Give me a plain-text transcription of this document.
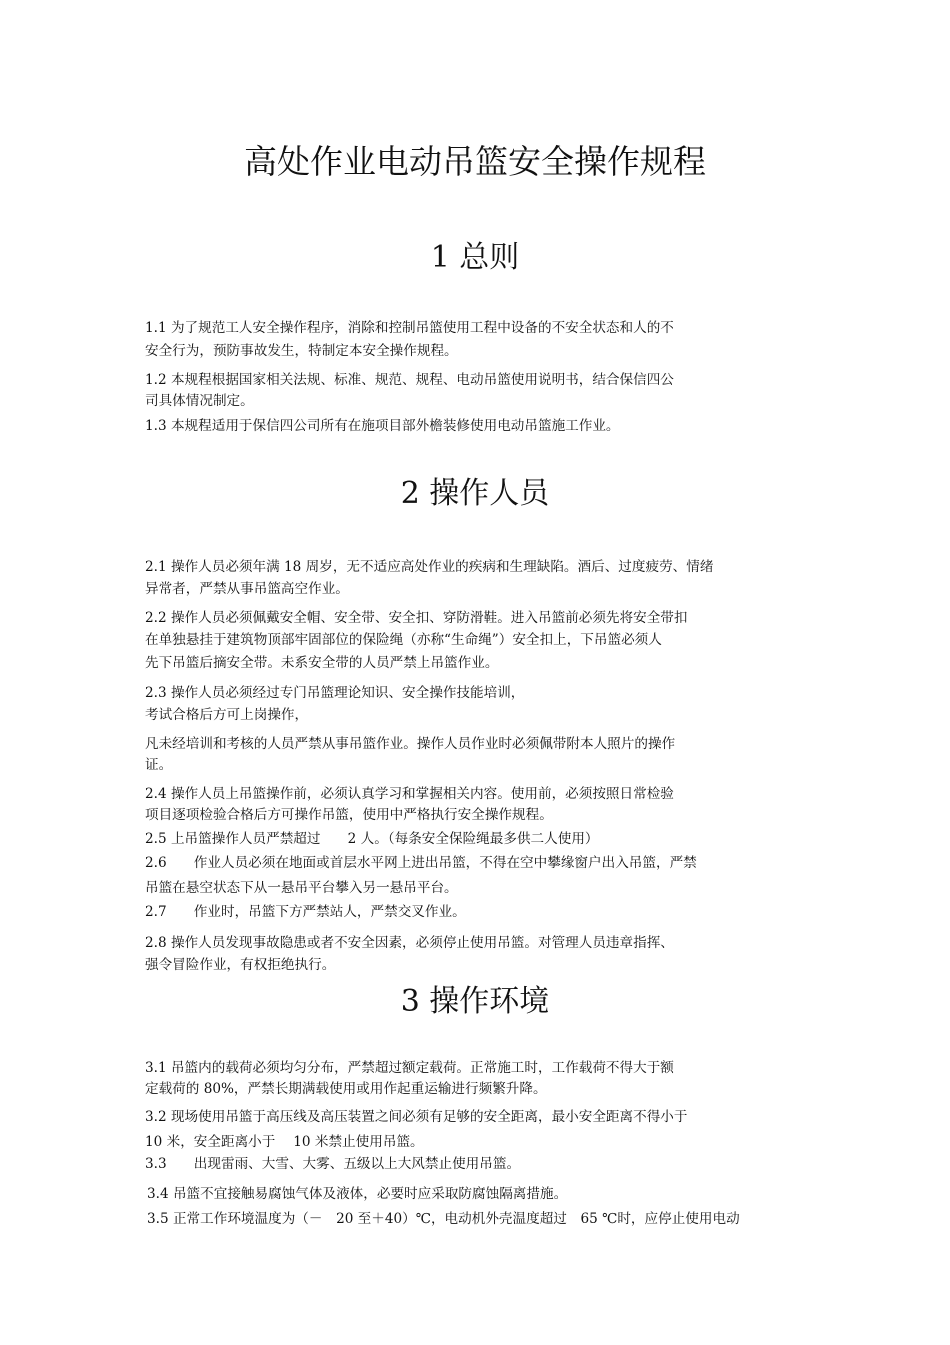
高处作业电动吊篮安全操作规程
1 总则
1.1 为了规范工人安全操作程序，消除和控制吊篮使用工程中设备的不安全状态和人的不
安全行为，预防事故发生，特制定本安全操作规程。
1.2 本规程根据国家相关法规、标准、规范、规程、电动吊篮使用说明书，结合保信四公
司具体情况制定。
1.3 本规程适用于保信四公司所有在施项目部外檐装修使用电动吊篮施工作业。
2 操作人员
2.1 操作人员必须年满 18 周岁，无不适应高处作业的疾病和生理缺陷。酒后、过度疲劳、情绪
异常者，严禁从事吊篮高空作业。
2.2 操作人员必须佩戴安全帽、安全带、安全扣、穿防滑鞋。进入吊篮前必须先将安全带扣
在单独悬挂于建筑物顶部牢固部位的保险绳（亦称“生命绳”）安全扣上，下吊篮必须人
先下吊篮后摘安全带。未系安全带的人员严禁上吊篮作业。
2.3 操作人员必须经过专门吊篮理论知识、安全操作技能培训，
考试合格后方可上岗操作，
凡未经培训和考核的人员严禁从事吊篮作业。操作人员作业时必须佩带附本人照片的操作
证。
2.4 操作人员上吊篮操作前，必须认真学习和掌握相关内容。使用前，必须按照日常检验
项目逐项检验合格后方可操作吊篮，使用中严格执行安全操作规程。
2.5 上吊篮操作人员严禁超过　　2 人。（每条安全保险绳最多供二人使用）
2.6　　作业人员必须在地面或首层水平网上进出吊篮，不得在空中攀缘窗户出入吊篮，严禁
吊篮在悬空状态下从一悬吊平台攀入另一悬吊平台。
2.7　　作业时，吊篮下方严禁站人，严禁交叉作业。
2.8 操作人员发现事故隐患或者不安全因素，必须停止使用吊篮。对管理人员违章指挥、
强令冒险作业，有权拒绝执行。
3 操作环境
3.1 吊篮内的载荷必须均匀分布，严禁超过额定载荷。正常施工时，工作载荷不得大于额
定载荷的 80%，严禁长期满载使用或用作起重运输进行频繁升降。
3.2 现场使用吊篮于高压线及高压装置之间必须有足够的安全距离，最小安全距离不得小于
10 米，安全距离小于　 10 米禁止使用吊篮。
3.3　　出现雷雨、大雪、大雾、五级以上大风禁止使用吊篮。
3.4 吊篮不宜接触易腐蚀气体及液体，必要时应采取防腐蚀隔离措施。
3.5 正常工作环境温度为（－　20 至＋40）℃，电动机外壳温度超过　65 ℃时，应停止使用电动
